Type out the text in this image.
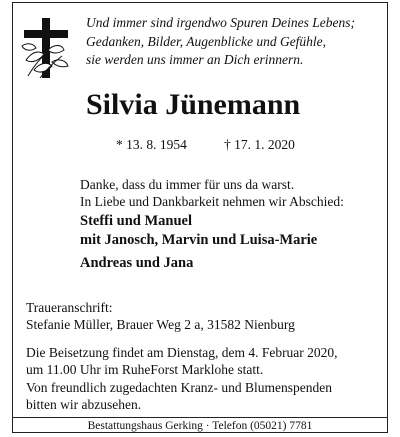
Und immer sind irgendwo Spuren Deines Lebens;
Gedanken, Bilder, Augenblicke und Gefühle,
sie werden uns immer an Dich erinnern.
Silvia Jünemann
* 13. 8. 1954	† 17. 1. 2020
Danke, dass du immer für uns da warst.
In Liebe und Dankbarkeit nehmen wir Abschied:
Steffi und Manuel
mit Janosch, Marvin und Luisa-Marie
Andreas und Jana
Traueranschrift:
Stefanie Müller, Brauer Weg 2 a, 31582 Nienburg
Die Beisetzung findet am Dienstag, dem 4. Februar 2020,
um 11.00 Uhr im RuheForst Marklohe statt.
Von freundlich zugedachten Kranz- und Blumenspenden
bitten wir abzusehen.
Bestattungshaus Gerking · Telefon (05021) 7781
